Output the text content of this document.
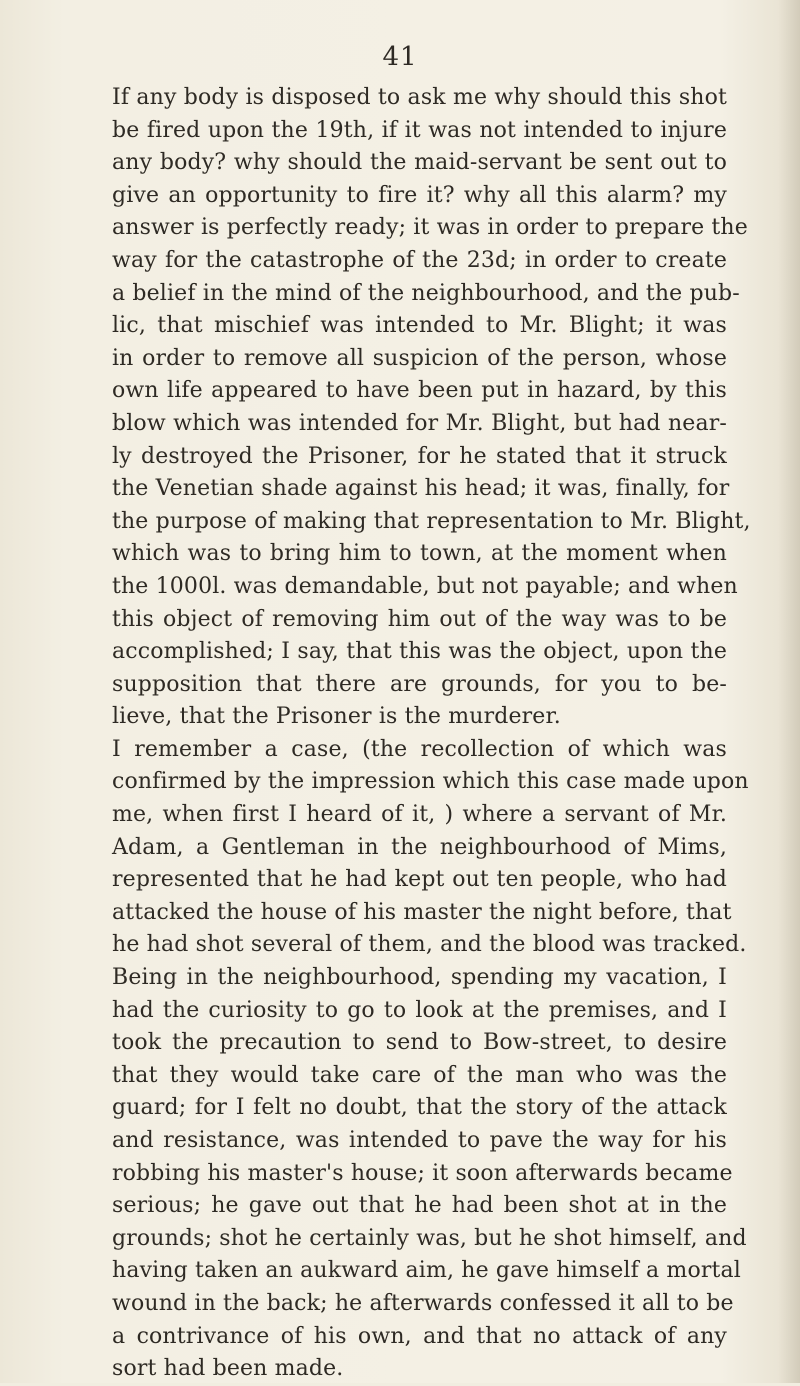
41
If any body is disposed to ask me why should this shot
be fired upon the 19th, if it was not intended to injure
any body? why should the maid-servant be sent out to
give an opportunity to fire it? why all this alarm? my
answer is perfectly ready; it was in order to prepare the
way for the catastrophe of the 23d; in order to create
a belief in the mind of the neighbourhood, and the pub-
lic, that mischief was intended to Mr. Blight; it was
in order to remove all suspicion of the person, whose
own life appeared to have been put in hazard, by this
blow which was intended for Mr. Blight, but had near-
ly destroyed the Prisoner, for he stated that it struck
the Venetian shade against his head; it was, finally, for
the purpose of making that representation to Mr. Blight,
which was to bring him to town, at the moment when
the 1000l. was demandable, but not payable; and when
this object of removing him out of the way was to be
accomplished; I say, that this was the object, upon the
supposition that there are grounds, for you to be-
lieve, that the Prisoner is the murderer.
I remember a case, (the recollection of which was
confirmed by the impression which this case made upon
me, when first I heard of it, ) where a servant of Mr.
Adam, a Gentleman in the neighbourhood of Mims,
represented that he had kept out ten people, who had
attacked the house of his master the night before, that
he had shot several of them, and the blood was tracked.
Being in the neighbourhood, spending my vacation, I
had the curiosity to go to look at the premises, and I
took the precaution to send to Bow-street, to desire
that they would take care of the man who was the
guard; for I felt no doubt, that the story of the attack
and resistance, was intended to pave the way for his
robbing his master's house; it soon afterwards became
serious; he gave out that he had been shot at in the
grounds; shot he certainly was, but he shot himself, and
having taken an aukward aim, he gave himself a mortal
wound in the back; he afterwards confessed it all to be
a contrivance of his own, and that no attack of any
sort had been made.
